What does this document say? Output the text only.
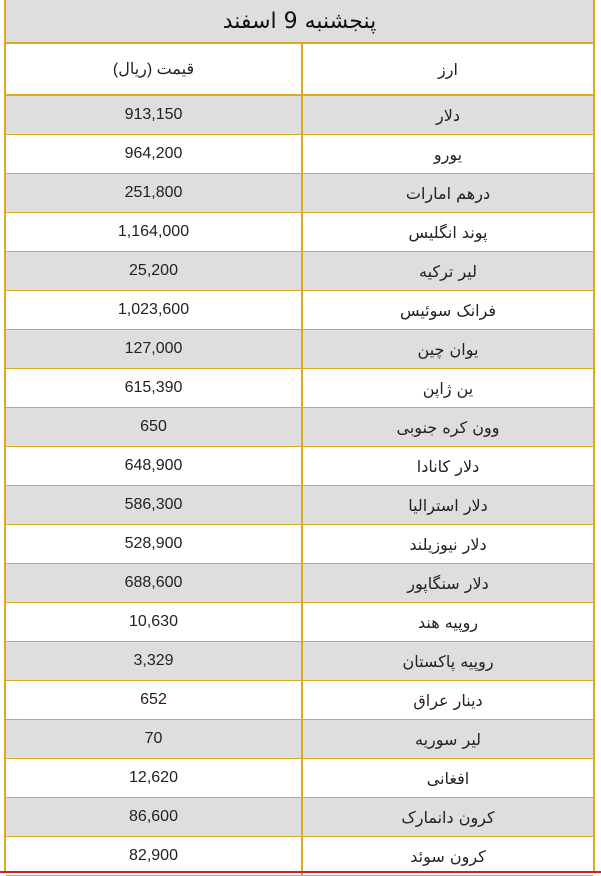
پنجشنبه 9 اسفند
قیمت (ریال)	ارز
913,150	دلار
964,200	یورو
251,800	درهم امارات
1,164,000	پوند انگلیس
25,200	لیر ترکیه
1,023,600	فرانک سوئیس
127,000	یوان چین
615,390	ین ژاپن
650	وون کره جنوبی
648,900	دلار کانادا
586,300	دلار استرالیا
528,900	دلار نیوزیلند
688,600	دلار سنگاپور
10,630	روپیه هند
3,329	روپیه پاکستان
652	دینار عراق
70	لیر سوریه
12,620	افغانی
86,600	کرون دانمارک
82,900	کرون سوئد
